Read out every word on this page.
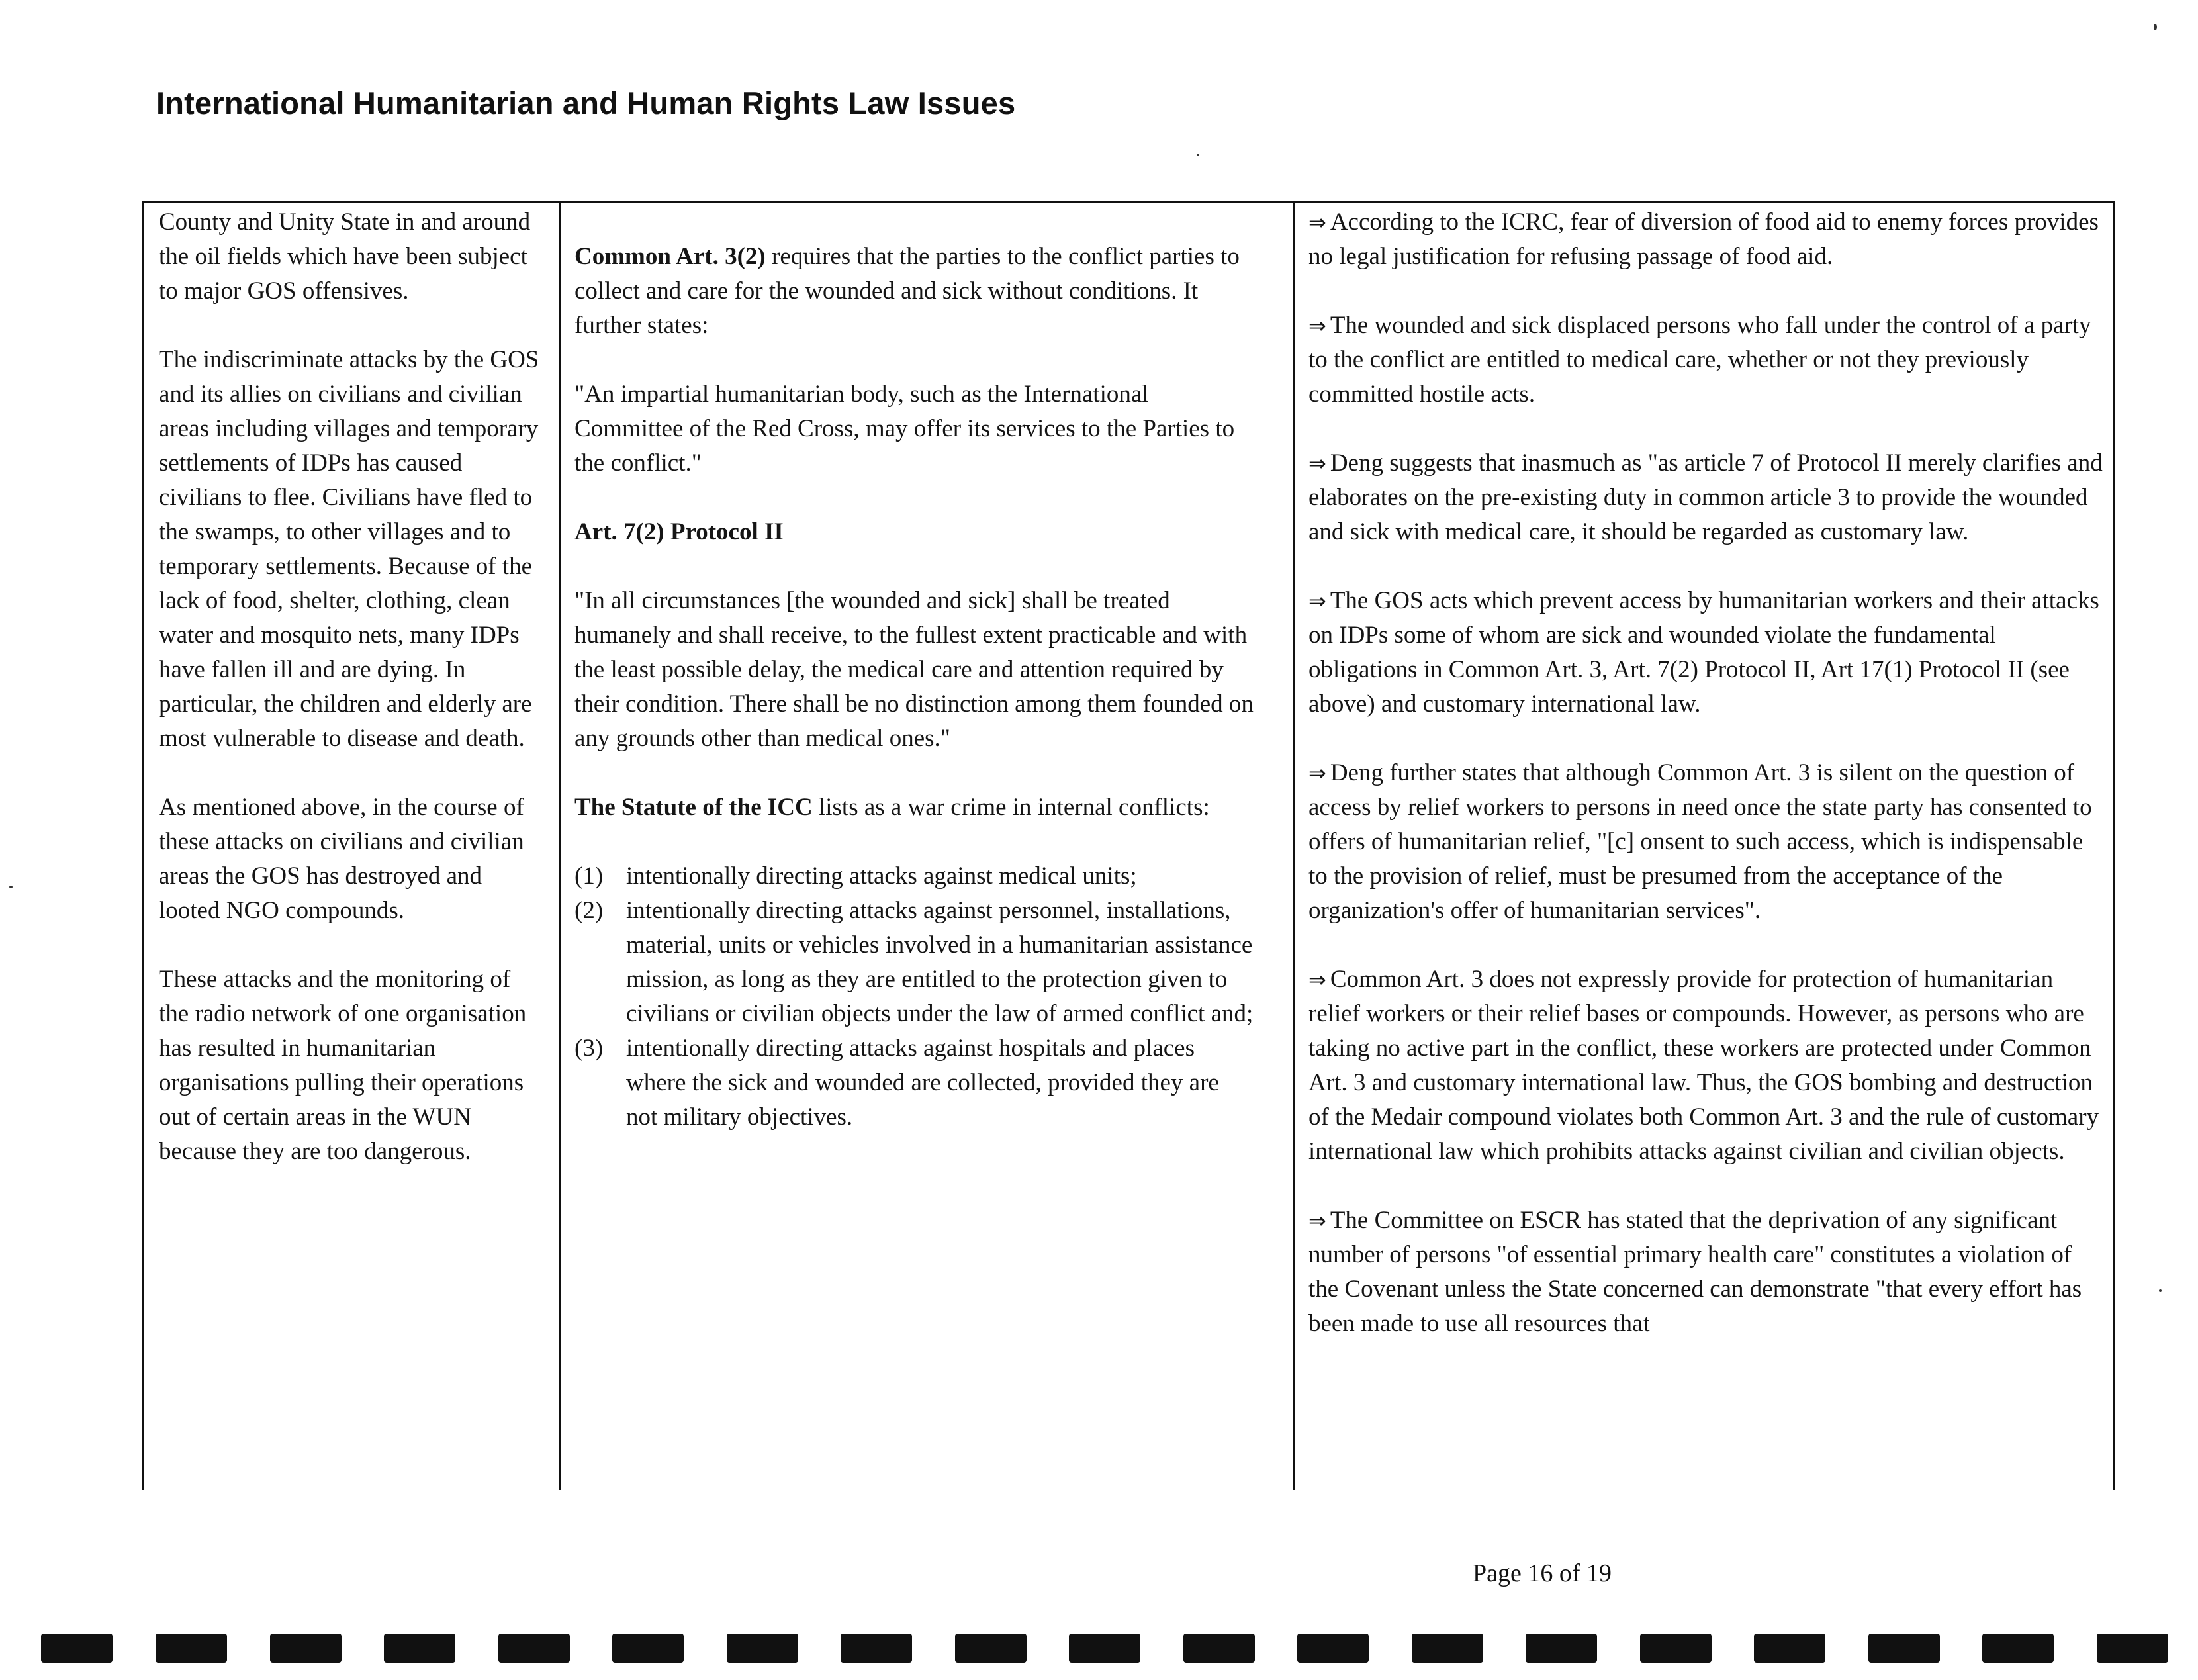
International Humanitarian and Human Rights Law Issues

County and Unity State in and around the oil fields which have been subject to major GOS offensives.

The indiscriminate attacks by the GOS and its allies on civilians and civilian areas including villages and temporary settlements of IDPs has caused civilians to flee. Civilians have fled to the swamps, to other villages and to temporary settlements. Because of the lack of food, shelter, clothing, clean water and mosquito nets, many IDPs have fallen ill and are dying. In particular, the children and elderly are most vulnerable to disease and death.

As mentioned above, in the course of these attacks on civilians and civilian areas the GOS has destroyed and looted NGO compounds.

These attacks and the monitoring of the radio network of one organisation has resulted in humanitarian organisations pulling their operations out of certain areas in the WUN because they are too dangerous.

Common Art. 3(2) requires that the parties to the conflict parties to collect and care for the wounded and sick without conditions. It further states:

"An impartial humanitarian body, such as the International Committee of the Red Cross, may offer its services to the Parties to the conflict."

Art. 7(2) Protocol II

"In all circumstances [the wounded and sick] shall be treated humanely and shall receive, to the fullest extent practicable and with the least possible delay, the medical care and attention required by their condition. There shall be no distinction among them founded on any grounds other than medical ones."

The Statute of the ICC lists as a war crime in internal conflicts:

(1) intentionally directing attacks against medical units;
(2) intentionally directing attacks against personnel, installations, material, units or vehicles involved in a humanitarian assistance mission, as long as they are entitled to the protection given to civilians or civilian objects under the law of armed conflict and;
(3) intentionally directing attacks against hospitals and places where the sick and wounded are collected, provided they are not military objectives.

⇒ According to the ICRC, fear of diversion of food aid to enemy forces provides no legal justification for refusing passage of food aid.

⇒ The wounded and sick displaced persons who fall under the control of a party to the conflict are entitled to medical care, whether or not they previously committed hostile acts.

⇒ Deng suggests that inasmuch as "as article 7 of Protocol II merely clarifies and elaborates on the pre-existing duty in common article 3 to provide the wounded and sick with medical care, it should be regarded as customary law.

⇒ The GOS acts which prevent access by humanitarian workers and their attacks on IDPs some of whom are sick and wounded violate the fundamental obligations in Common Art. 3, Art. 7(2) Protocol II, Art 17(1) Protocol II (see above) and customary international law.

⇒ Deng further states that although Common Art. 3 is silent on the question of access by relief workers to persons in need once the state party has consented to offers of humanitarian relief, "[c] onsent to such access, which is indispensable to the provision of relief, must be presumed from the acceptance of the organization's offer of humanitarian services".

⇒ Common Art. 3 does not expressly provide for protection of humanitarian relief workers or their relief bases or compounds. However, as persons who are taking no active part in the conflict, these workers are protected under Common Art. 3 and customary international law. Thus, the GOS bombing and destruction of the Medair compound violates both Common Art. 3 and the rule of customary international law which prohibits attacks against civilian and civilian objects.

⇒ The Committee on ESCR has stated that the deprivation of any significant number of persons "of essential primary health care" constitutes a violation of the Covenant unless the State concerned can demonstrate "that every effort has been made to use all resources that

Page 16 of 19
